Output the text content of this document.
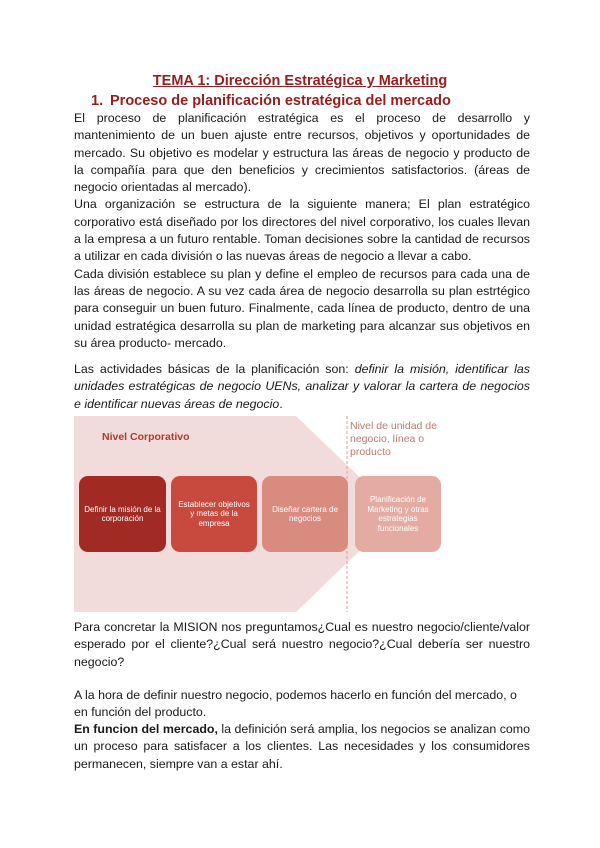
TEMA 1: Dirección Estratégica y Marketing
1. Proceso de planificación estratégica del mercado

El proceso de planificación estratégica es el proceso de desarrollo y mantenimiento de un buen ajuste entre recursos, objetivos y oportunidades de mercado. Su objetivo es modelar y estructura las áreas de negocio y producto de la compañía para que den beneficios y crecimientos satisfactorios. (áreas de negocio orientadas al mercado).

Una organización se estructura de la siguiente manera; El plan estratégico corporativo está diseñado por los directores del nivel corporativo, los cuales llevan a la empresa a un futuro rentable. Toman decisiones sobre la cantidad de recursos a utilizar en cada división o las nuevas áreas de negocio a llevar a cabo.

Cada división establece su plan y define el empleo de recursos para cada una de las áreas de negocio. A su vez cada área de negocio desarrolla su plan estrtégico para conseguir un buen futuro. Finalmente, cada línea de producto, dentro de una unidad estratégica desarrolla su plan de marketing para alcanzar sus objetivos en su área producto- mercado.

Las actividades básicas de la planificación son: definir la misión, identificar las unidades estratégicas de negocio UENs, analizar y valorar la cartera de negocios e identificar nuevas áreas de negocio.
Nivel Corporativo
Nivel de unidad de negocio, línea o producto
Definir la misión de la corporación
Establecer objetivos y metas de la empresa
Diseñar cartera de negocios
Planificación de Marketing y otras estrategias funcionales
Para concretar la MISION nos preguntamos¿Cual es nuestro negocio/cliente/valor esperado por el cliente?¿Cual será nuestro negocio?¿Cual debería ser nuestro negocio?
A la hora de definir nuestro negocio, podemos hacerlo en función del mercado, o en función del producto.
En funcion del mercado, la definición será amplia, los negocios se analizan como un proceso para satisfacer a los clientes. Las necesidades y los consumidores permanecen, siempre van a estar ahí.
